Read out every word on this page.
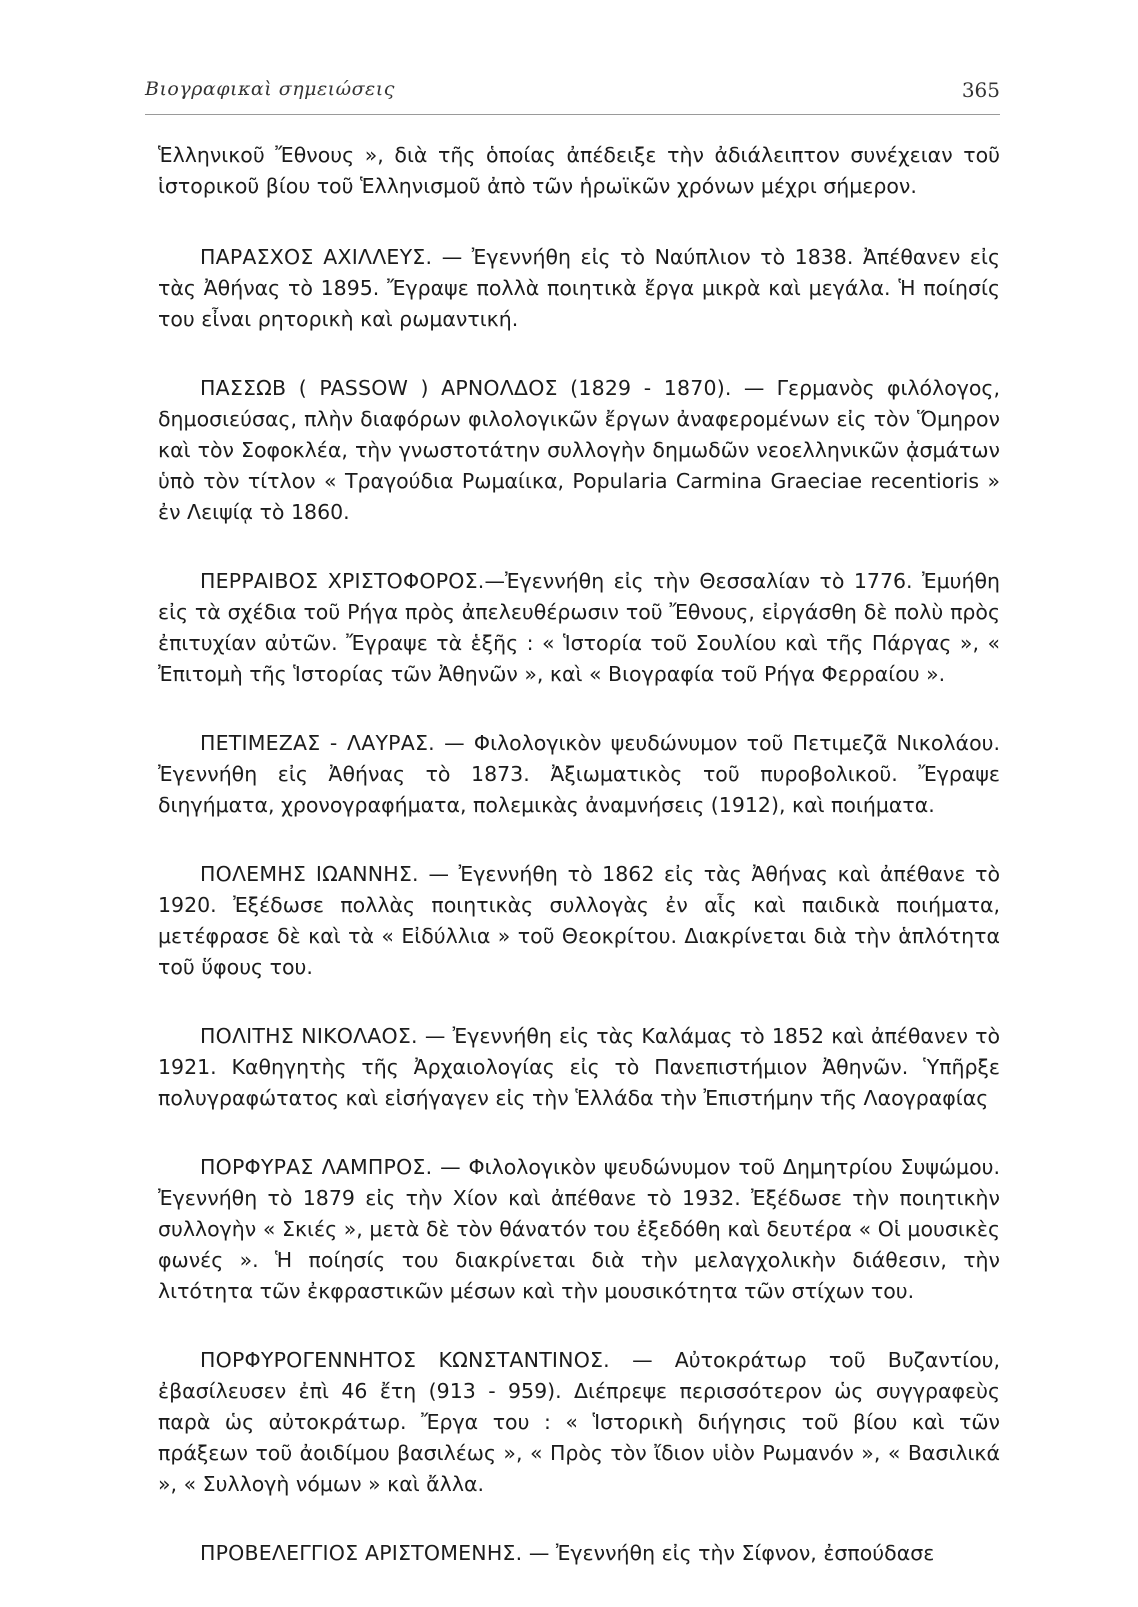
Βιογραφικαὶ σημειώσεις	365

Ἑλληνικοῦ Ἔθνους », διὰ τῆς ὁποίας ἀπέδειξε τὴν ἀδιάλειπτον συνέχειαν τοῦ ἱστορικοῦ βίου τοῦ Ἑλληνισμοῦ ἀπὸ τῶν ἡρωϊκῶν χρόνων μέχρι σήμερον.

ΠΑΡΑΣΧΟΣ ΑΧΙΛΛΕΥΣ. — Ἐγεννήθη εἰς τὸ Ναύπλιον τὸ 1838. Ἀπέθανεν εἰς τὰς Ἀθήνας τὸ 1895. Ἔγραψε πολλὰ ποιητικὰ ἔργα μικρὰ καὶ μεγάλα. Ἡ ποίησίς του εἶναι ρητορικὴ καὶ ρωμαντική.

ΠΑΣΣΩΒ ( PASSOW ) ΑΡΝΟΛΔΟΣ (1829 - 1870). — Γερμανὸς φιλόλογος, δημοσιεύσας, πλὴν διαφόρων φιλολογικῶν ἔργων ἀναφερομένων εἰς τὸν Ὅμηρον καὶ τὸν Σοφοκλέα, τὴν γνωστοτάτην συλλογὴν δημωδῶν νεοελληνικῶν ᾀσμάτων ὑπὸ τὸν τίτλον « Τραγούδια Ρωμαίικα, Popularia Carmina Graeciae recentioris » ἐν Λειψίᾳ τὸ 1860.

ΠΕΡΡΑΙΒΟΣ ΧΡΙΣΤΟΦΟΡΟΣ.—Ἐγεννήθη εἰς τὴν Θεσσαλίαν τὸ 1776. Ἐμυήθη εἰς τὰ σχέδια τοῦ Ρήγα πρὸς ἀπελευθέρωσιν τοῦ Ἔθνους, εἰργάσθη δὲ πολὺ πρὸς ἐπιτυχίαν αὐτῶν. Ἔγραψε τὰ ἑξῆς : « Ἱστορία τοῦ Σουλίου καὶ τῆς Πάργας », « Ἐπιτομὴ τῆς Ἱστορίας τῶν Ἀθηνῶν », καὶ « Βιογραφία τοῦ Ρήγα Φερραίου ».

ΠΕΤΙΜΕΖΑΣ - ΛΑΥΡΑΣ. — Φιλολογικὸν ψευδώνυμον τοῦ Πετιμεζᾶ Νικολάου. Ἐγεννήθη εἰς Ἀθήνας τὸ 1873. Ἀξιωματικὸς τοῦ πυροβολικοῦ. Ἔγραψε διηγήματα, χρονογραφήματα, πολεμικὰς ἀναμνήσεις (1912), καὶ ποιήματα.

ΠΟΛΕΜΗΣ ΙΩΑΝΝΗΣ. — Ἐγεννήθη τὸ 1862 εἰς τὰς Ἀθήνας καὶ ἀπέθανε τὸ 1920. Ἐξέδωσε πολλὰς ποιητικὰς συλλογὰς ἐν αἷς καὶ παιδικὰ ποιήματα, μετέφρασε δὲ καὶ τὰ « Εἰδύλλια » τοῦ Θεοκρίτου. Διακρίνεται διὰ τὴν ἁπλότητα τοῦ ὕφους του.

ΠΟΛΙΤΗΣ ΝΙΚΟΛΑΟΣ. — Ἐγεννήθη εἰς τὰς Καλάμας τὸ 1852 καὶ ἀπέθανεν τὸ 1921. Καθηγητὴς τῆς Ἀρχαιολογίας εἰς τὸ Πανεπιστήμιον Ἀθηνῶν. Ὑπῆρξε πολυγραφώτατος καὶ εἰσήγαγεν εἰς τὴν Ἑλλάδα τὴν Ἐπιστήμην τῆς Λαογραφίας

ΠΟΡΦΥΡΑΣ ΛΑΜΠΡΟΣ. — Φιλολογικὸν ψευδώνυμον τοῦ Δημητρίου Συψώμου. Ἐγεννήθη τὸ 1879 εἰς τὴν Χίον καὶ ἀπέθανε τὸ 1932. Ἐξέδωσε τὴν ποιητικὴν συλλογὴν « Σκιές », μετὰ δὲ τὸν θάνατόν του ἐξεδόθη καὶ δευτέρα « Οἱ μουσικὲς φωνές ». Ἡ ποίησίς του διακρίνεται διὰ τὴν μελαγχολικὴν διάθεσιν, τὴν λιτότητα τῶν ἐκφραστικῶν μέσων καὶ τὴν μουσικότητα τῶν στίχων του.

ΠΟΡΦΥΡΟΓΕΝΝΗΤΟΣ ΚΩΝΣΤΑΝΤΙΝΟΣ. — Αὐτοκράτωρ τοῦ Βυζαντίου, ἐβασίλευσεν ἐπὶ 46 ἔτη (913 - 959). Διέπρεψε περισσότερον ὡς συγγραφεὺς παρὰ ὡς αὐτοκράτωρ. Ἔργα του : « Ἱστορικὴ διήγησις τοῦ βίου καὶ τῶν πράξεων τοῦ ἀοιδίμου βασιλέως », « Πρὸς τὸν ἴδιον υἱὸν Ρωμανόν », « Βασιλικά », « Συλλογὴ νόμων » καὶ ἄλλα.

ΠΡΟΒΕΛΕΓΓΙΟΣ ΑΡΙΣΤΟΜΕΝΗΣ. — Ἐγεννήθη εἰς τὴν Σίφνον, ἐσπούδασε
